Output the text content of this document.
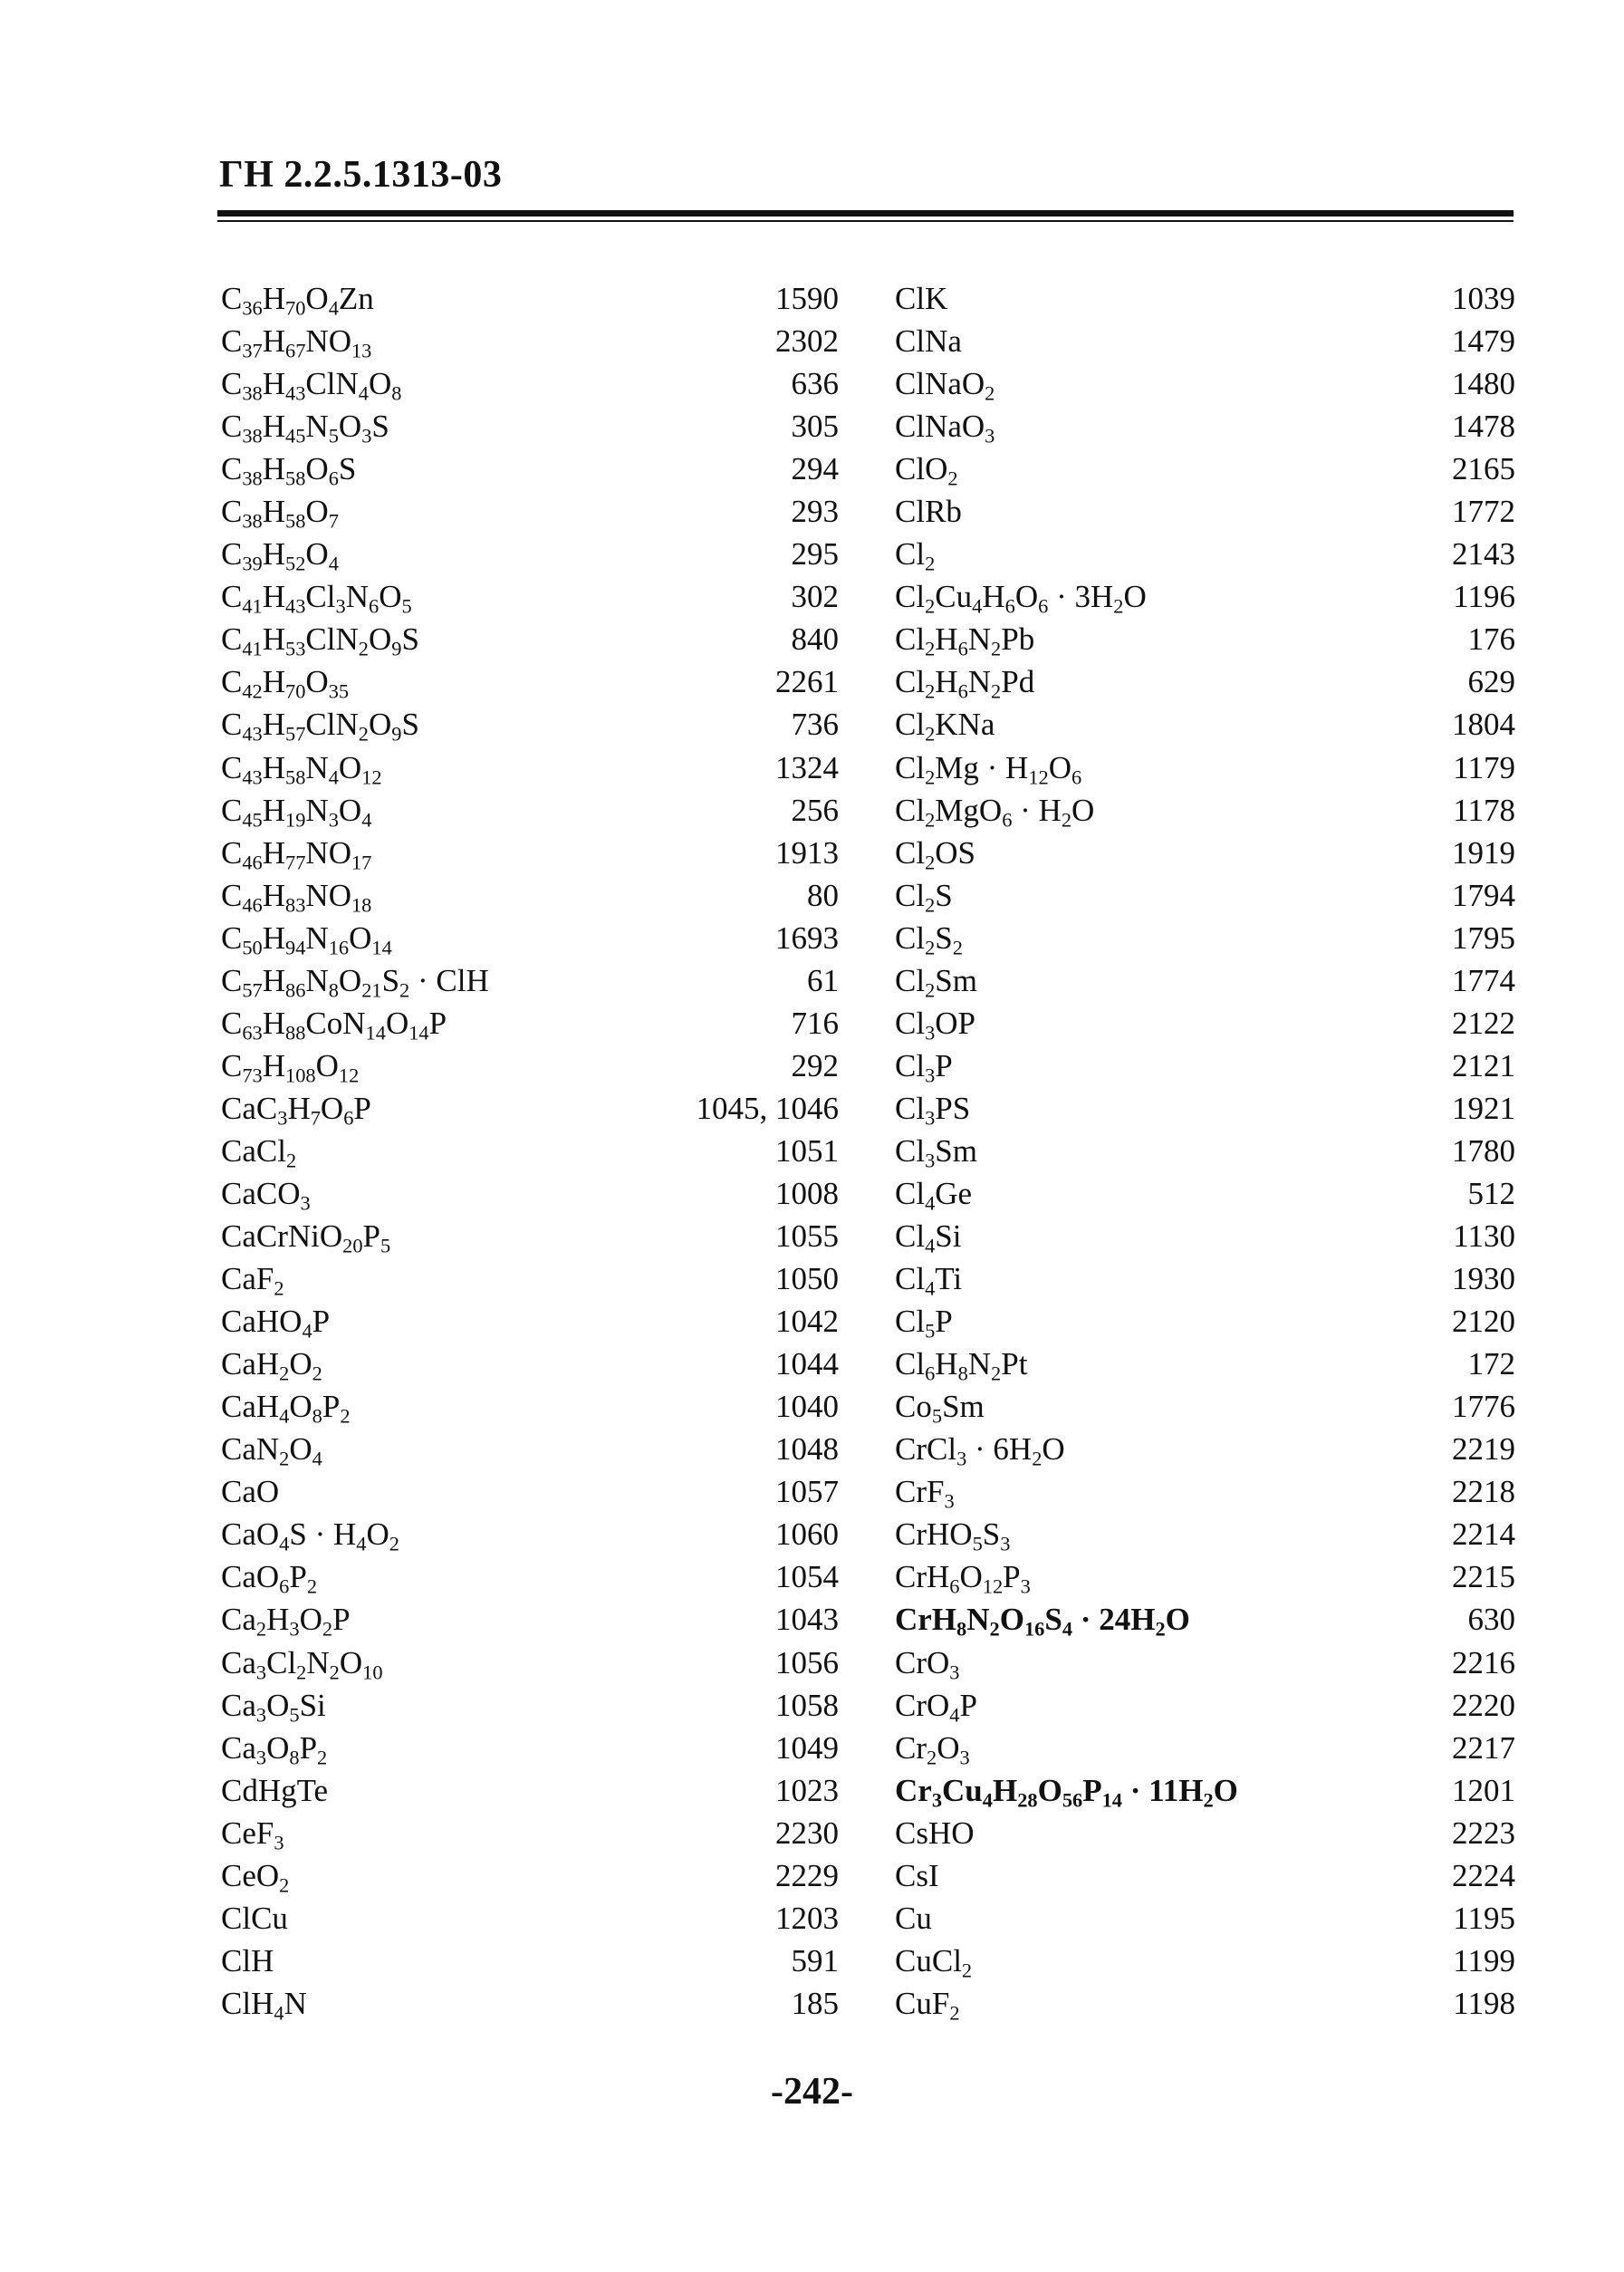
ГН 2.2.5.1313-03
$C_{36}H_{70}O_4Zn$	1590
$C_{37}H_{67}NO_{13}$	2302
$C_{38}H_{43}ClN_4O_8$	636
$C_{38}H_{45}N_5O_3S$	305
$C_{38}H_{58}O_6S$	294
$C_{38}H_{58}O_7$	293
$C_{39}H_{52}O_4$	295
$C_{41}H_{43}Cl_3N_6O_5$	302
$C_{41}H_{53}ClN_2O_9S$	840
$C_{42}H_{70}O_{35}$	2261
$C_{43}H_{57}ClN_2O_9S$	736
$C_{43}H_{58}N_4O_{12}$	1324
$C_{45}H_{19}N_3O_4$	256
$C_{46}H_{77}NO_{17}$	1913
$C_{46}H_{83}NO_{18}$	80
$C_{50}H_{94}N_{16}O_{14}$	1693
$C_{57}H_{86}N_8O_{21}S_2$ · ClH	61
$C_{63}H_{88}CoN_{14}O_{14}P$	716
$C_{73}H_{108}O_{12}$	292
$CaC_3H_7O_6P$	1045, 1046
CaCl$_2$	1051
CaCO$_3$	1008
$CaCrNiO_{20}P_5$	1055
CaF$_2$	1050
CaHO$_4$P	1042
$CaH_2O_2$	1044
$CaH_4O_8P_2$	1040
$CaN_2O_4$	1048
CaO	1057
$CaO_4S \cdot H_4O_2$	1060
$CaO_6P_2$	1054
$Ca_2H_3O_2P$	1043
$Ca_3Cl_2N_2O_{10}$	1056
$Ca_3O_5Si$	1058
$Ca_3O_8P_2$	1049
CdHgTe	1023
CeF$_3$	2230
CeO$_2$	2229
ClCu	1203
ClH	591
ClH$_4$N	185
ClK	1039
ClNa	1479
ClNaO$_2$	1480
ClNaO$_3$	1478
ClO$_2$	2165
ClRb	1772
$Cl_2$	2143
$Cl_2Cu_4H_6O_6 \cdot 3H_2O$	1196
$Cl_2H_6N_2Pb$	176
$Cl_2H_6N_2Pd$	629
$Cl_2KNa$	1804
$Cl_2Mg \cdot H_{12}O_6$	1179
$Cl_2MgO_6 \cdot H_2O$	1178
$Cl_2OS$	1919
$Cl_2S$	1794
$Cl_2S_2$	1795
$Cl_2Sm$	1774
$Cl_3OP$	2122
$Cl_3P$	2121
$Cl_3PS$	1921
$Cl_3Sm$	1780
$Cl_4Ge$	512
$Cl_4Si$	1130
$Cl_4Ti$	1930
$Cl_5P$	2120
$Cl_6H_8N_2Pt$	172
$Co_5Sm$	1776
CrCl$_3$ · $6H_2O$	2219
CrF$_3$	2218
$CrHO_5S_3$	2214
$CrH_6O_{12}P_3$	2215
$CrH_8N_2O_{16}S_4 \cdot 24H_2O$	630
CrO$_3$	2216
CrO$_4$P	2220
$Cr_2O_3$	2217
$Cr_3Cu_4H_{28}O_{56}P_{14} \cdot 11H_2O$	1201
CsHO	2223
CsI	2224
Cu	1195
CuCl$_2$	1199
CuF$_2$	1198
-242-
